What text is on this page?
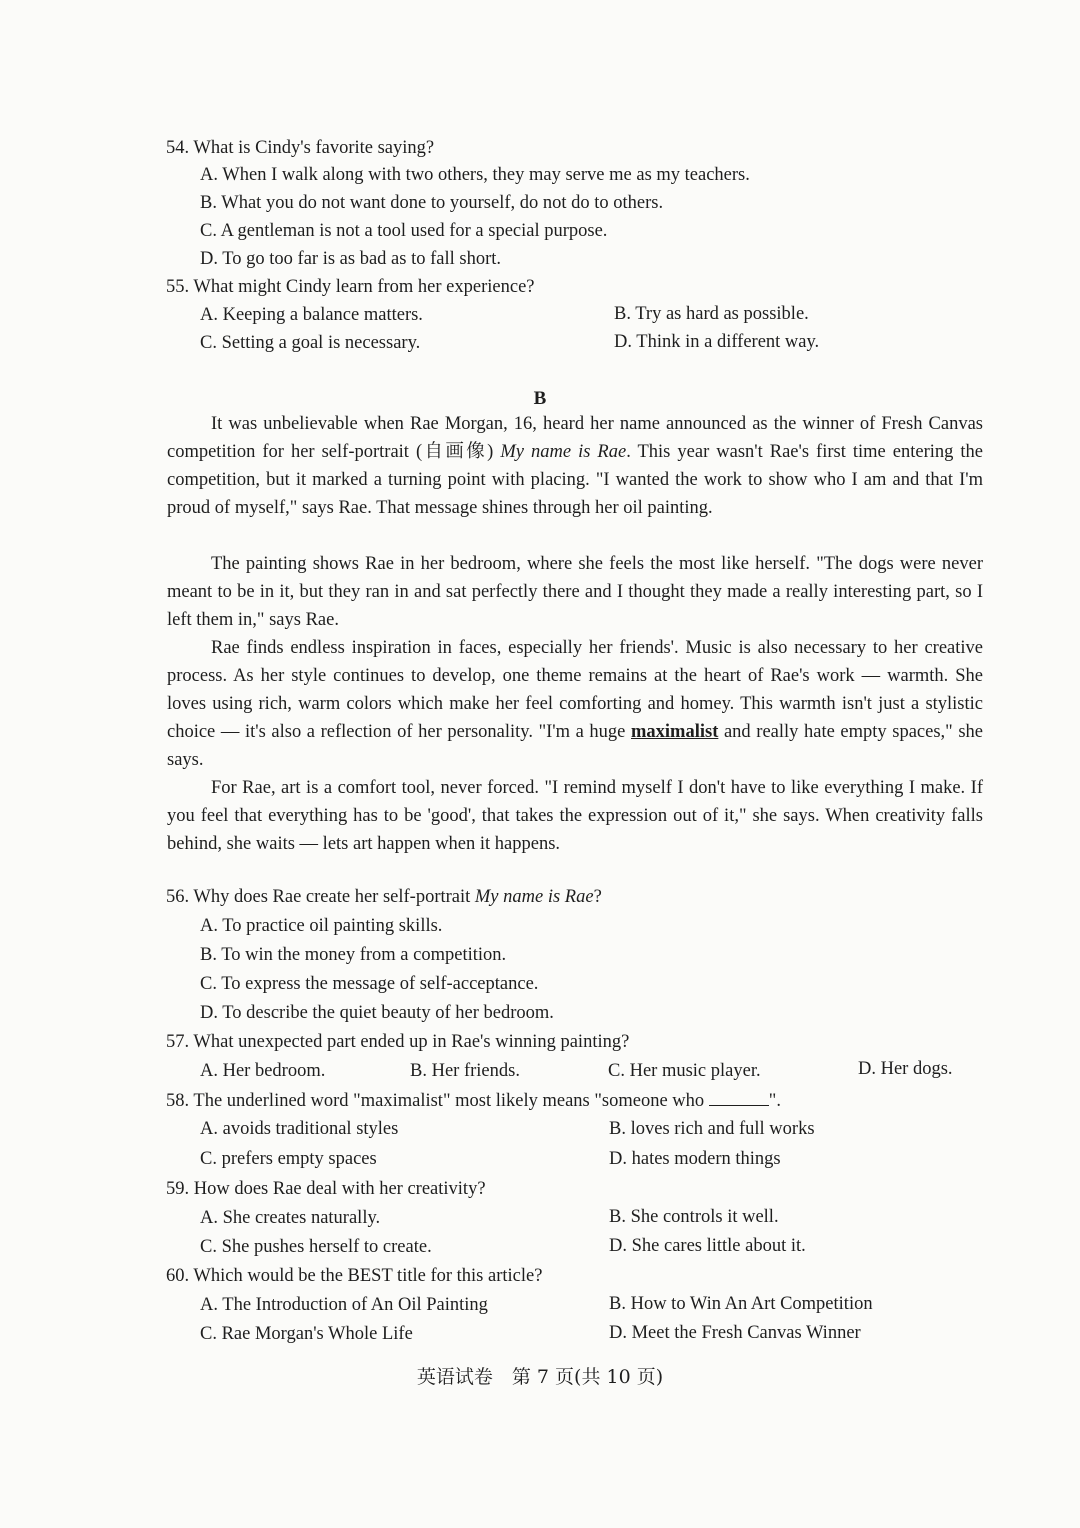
54. What is Cindy's favorite saying?
A. When I walk along with two others, they may serve me as my teachers.
B. What you do not want done to yourself, do not do to others.
C. A gentleman is not a tool used for a special purpose.
D. To go too far is as bad as to fall short.
55. What might Cindy learn from her experience?
A. Keeping a balance matters.	B. Try as hard as possible.
C. Setting a goal is necessary.	D. Think in a different way.
B

It was unbelievable when Rae Morgan, 16, heard her name announced as the winner of Fresh Canvas competition for her self-portrait (自画像) My name is Rae. This year wasn't Rae's first time entering the competition, but it marked a turning point with placing. "I wanted the work to show who I am and that I'm proud of myself," says Rae. That message shines through her oil painting.

The painting shows Rae in her bedroom, where she feels the most like herself. "The dogs were never meant to be in it, but they ran in and sat perfectly there and I thought they made a really interesting part, so I left them in," says Rae.

Rae finds endless inspiration in faces, especially her friends'. Music is also necessary to her creative process. As her style continues to develop, one theme remains at the heart of Rae's work — warmth. She loves using rich, warm colors which make her feel comforting and homey. This warmth isn't just a stylistic choice — it's also a reflection of her personality. "I'm a huge maximalist and really hate empty spaces," she says.

For Rae, art is a comfort tool, never forced. "I remind myself I don't have to like everything I make. If you feel that everything has to be 'good', that takes the expression out of it," she says. When creativity falls behind, she waits — lets art happen when it happens.

56. Why does Rae create her self-portrait My name is Rae?
A. To practice oil painting skills.
B. To win the money from a competition.
C. To express the message of self-acceptance.
D. To describe the quiet beauty of her bedroom.
57. What unexpected part ended up in Rae's winning painting?
A. Her bedroom.	B. Her friends.	C. Her music player.	D. Her dogs.
58. The underlined word "maximalist" most likely means "someone who	".
A. avoids traditional styles	B. loves rich and full works
C. prefers empty spaces	D. hates modern things
59. How does Rae deal with her creativity?
A. She creates naturally.	B. She controls it well.
C. She pushes herself to create.	D. She cares little about it.
60. Which would be the BEST title for this article?
A. The Introduction of An Oil Painting	B. How to Win An Art Competition
C. Rae Morgan's Whole Life	D. Meet the Fresh Canvas Winner
英语试卷　第 7 页(共 10 页)
